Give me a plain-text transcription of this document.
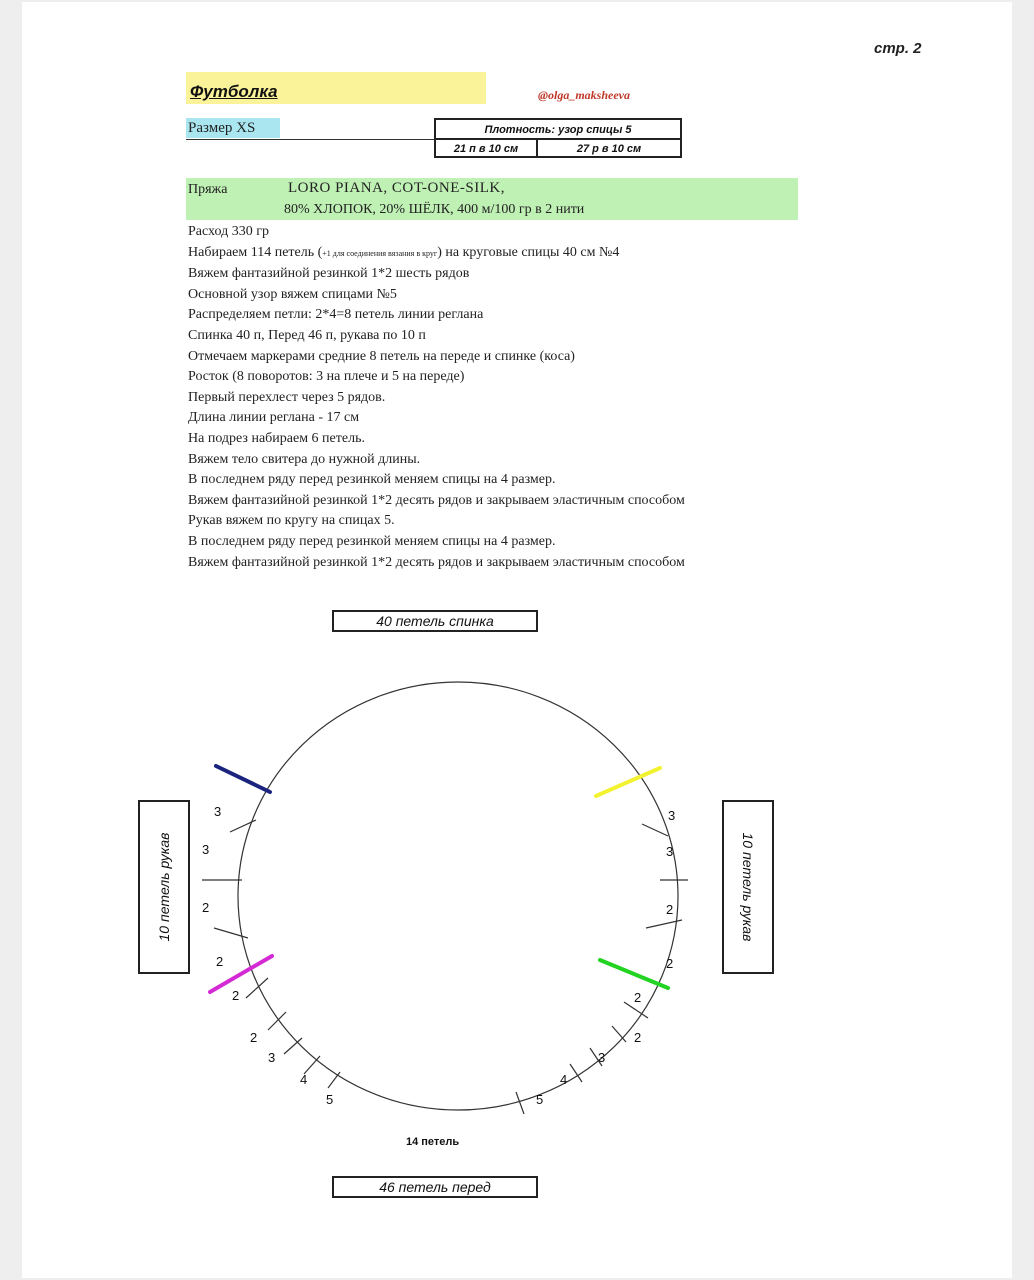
стр. 2
Футболка	@olga_maksheeva
Размер XS	Плотность: узор спицы 5
21 п в 10 см	27 р в 10 см
Пряжа	LORO PIANA, COT-ONE-SILK,
80% ХЛОПОК, 20% ШЁЛК, 400 м/100 гр в 2 нити
Расход 330 гр
Набираем 114 петель (+1 для соединения вязания в круг) на круговые спицы 40 см №4
Вяжем фантазийной резинкой 1*2 шесть рядов
Основной узор вяжем спицами №5
Распределяем петли: 2*4=8 петель линии реглана
Спинка 40 п, Перед 46 п, рукава по 10 п
Отмечаем маркерами средние 8 петель на переде и спинке (коса)
Росток (8 поворотов: 3 на плече и 5 на переде)
Первый перехлест через 5 рядов.
Длина линии реглана - 17 см
На подрез набираем 6 петель.
Вяжем тело свитера до нужной длины.
В последнем ряду перед резинкой меняем спицы на 4 размер.
Вяжем фантазийной резинкой 1*2 десять рядов и закрываем эластичным способом
Рукав вяжем по кругу на спицах 5.
В последнем ряду перед резинкой меняем спицы на 4 размер.
Вяжем фантазийной резинкой 1*2 десять рядов и закрываем эластичным способом
3
3
2
2
2
2
3
4
5
3
3
2
2
2
2
3
4
5
40 петель спинка
46 петель перед
10 петель рукав	10 петель рукав
14 петель
